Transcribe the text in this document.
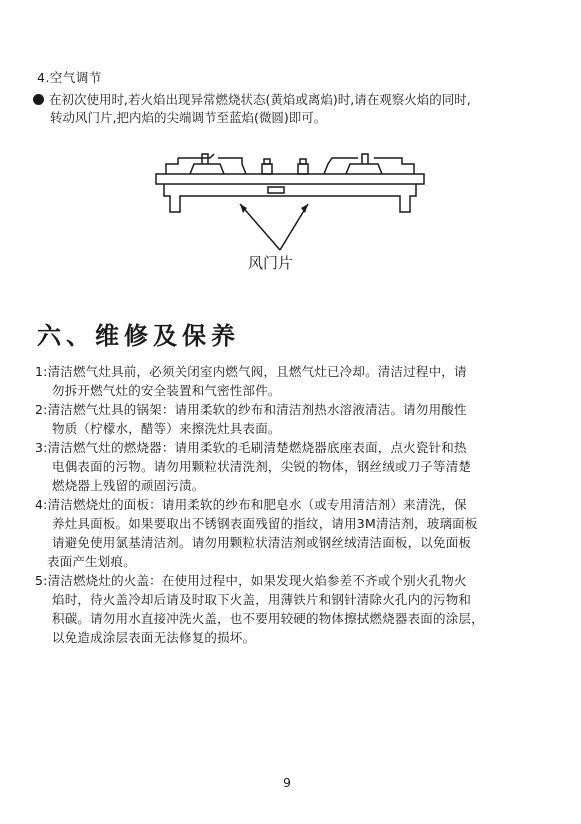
4.空气调节
在初次使用时,若火焰出现异常燃烧状态(黄焰或离焰)时,请在观察火焰的同时,
转动风门片,把内焰的尖端调节至蓝焰(微圆)即可。
风门片
六、维修及保养
1:清洁燃气灶具前，必须关闭室内燃气阀，且燃气灶已冷却。清洁过程中，请
勿拆开燃气灶的安全装置和气密性部件。
2:清洁燃气灶具的锅架：请用柔软的纱布和清洁剂热水溶液清洁。请勿用酸性
物质（柠檬水，醋等）来擦洗灶具表面。
3:清洁燃气灶的燃烧器：请用柔软的毛刷清楚燃烧器底座表面，点火瓷针和热
电偶表面的污物。请勿用颗粒状清洗剂，尖锐的物体，钢丝绒或刀子等清楚
燃烧器上残留的顽固污渍。
4:清洁燃烧灶的面板：请用柔软的纱布和肥皂水（或专用清洁剂）来清洗，保
养灶具面板。如果要取出不锈钢表面残留的指纹，请用3M清洁剂，玻璃面板
请避免使用氯基清洁剂。请勿用颗粒状清洁剂或钢丝绒清洁面板，以免面板
表面产生划痕。
5:清洁燃烧灶的火盖：在使用过程中，如果发现火焰参差不齐或个别火孔物火
焰时，待火盖冷却后请及时取下火盖，用薄铁片和钢针清除火孔内的污物和
积碳。请勿用水直接冲洗火盖，也不要用较硬的物体擦拭燃烧器表面的涂层，
以免造成涂层表面无法修复的损坏。
9
